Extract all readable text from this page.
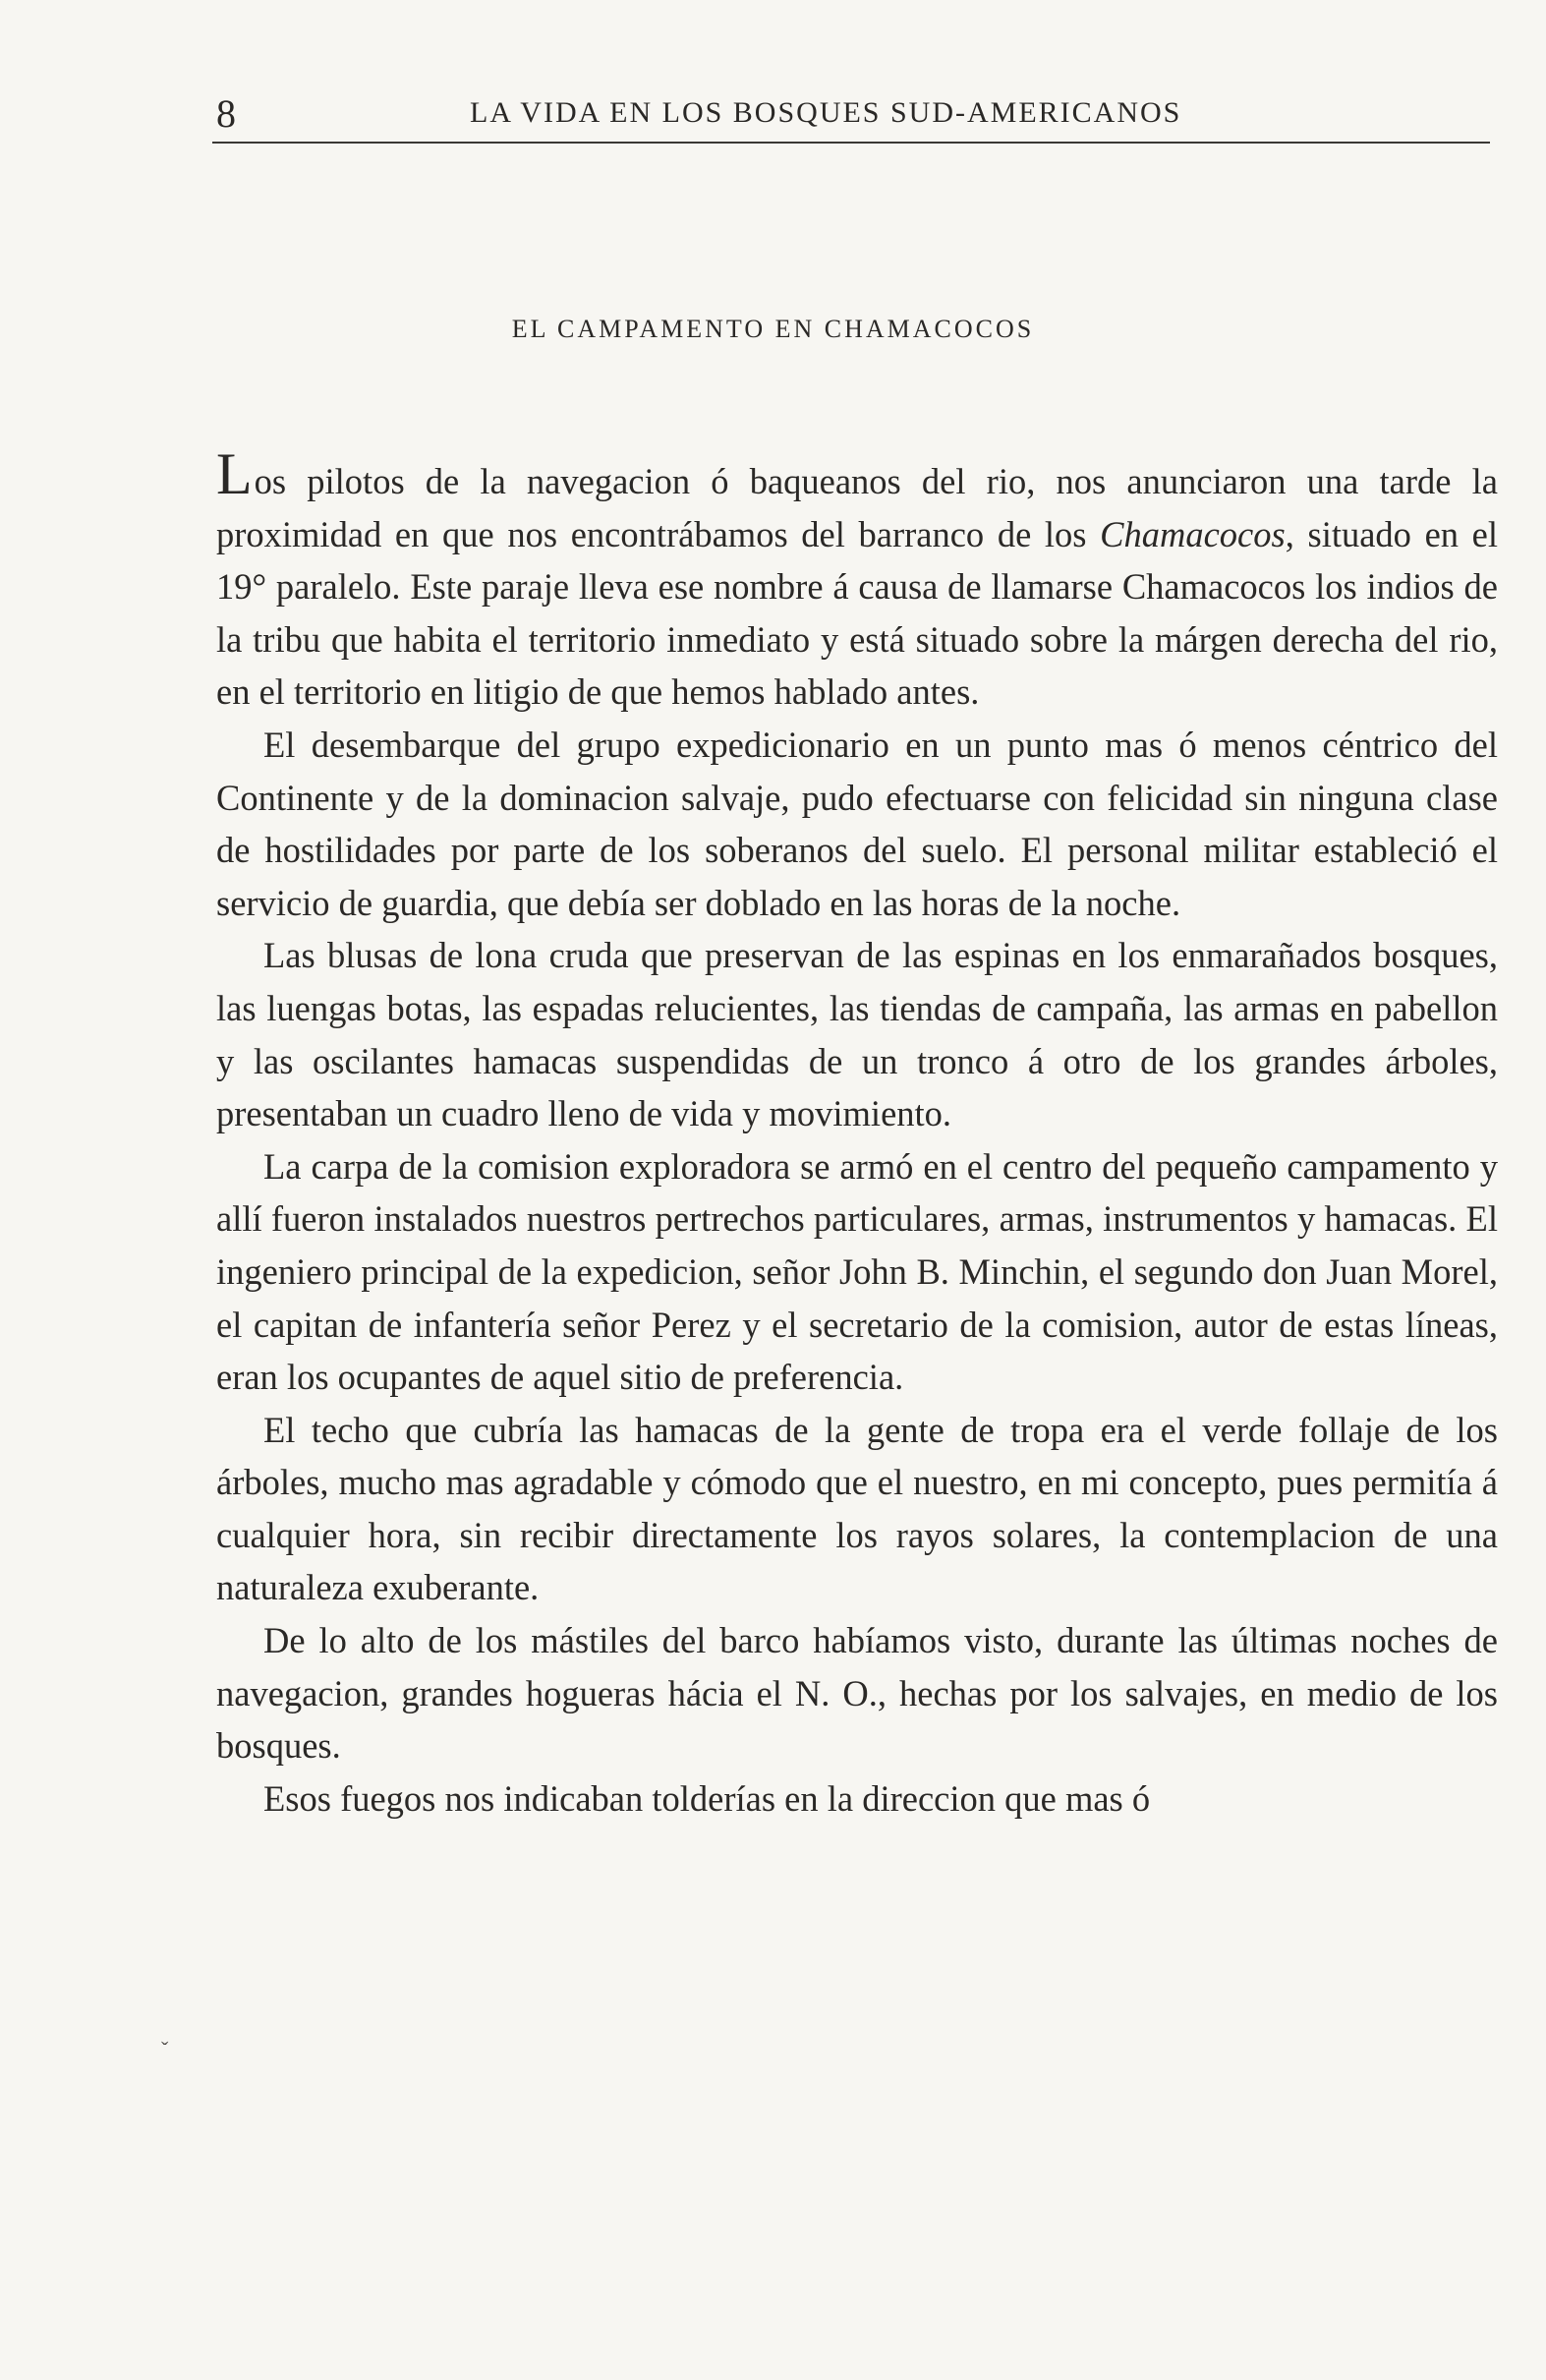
8	LA VIDA EN LOS BOSQUES SUD-AMERICANOS
EL CAMPAMENTO EN CHAMACOCOS

Los pilotos de la navegacion ó baqueanos del rio, nos anunciaron una tarde la proximidad en que nos encontrábamos del barranco de los Chamacocos, situado en el 19° paralelo. Este paraje lleva ese nombre á causa de llamarse Chamacocos los indios de la tribu que habita el territorio inmediato y está situado sobre la márgen derecha del rio, en el territorio en litigio de que hemos hablado antes.

El desembarque del grupo expedicionario en un punto mas ó menos céntrico del Continente y de la dominacion salvaje, pudo efectuarse con felicidad sin ninguna clase de hostilidades por parte de los soberanos del suelo. El personal militar estableció el servicio de guardia, que debía ser doblado en las horas de la noche.

Las blusas de lona cruda que preservan de las espinas en los enmarañados bosques, las luengas botas, las espadas relucientes, las tiendas de campaña, las armas en pabellon y las oscilantes hamacas suspendidas de un tronco á otro de los grandes árboles, presentaban un cuadro lleno de vida y movimiento.

La carpa de la comision exploradora se armó en el centro del pequeño campamento y allí fueron instalados nuestros pertrechos particulares, armas, instrumentos y hamacas. El ingeniero principal de la expedicion, señor John B. Minchin, el segundo don Juan Morel, el capitan de infantería señor Perez y el secretario de la comision, autor de estas líneas, eran los ocupantes de aquel sitio de preferencia.

El techo que cubría las hamacas de la gente de tropa era el verde follaje de los árboles, mucho mas agradable y cómodo que el nuestro, en mi concepto, pues permitía á cualquier hora, sin recibir directamente los rayos solares, la contemplacion de una naturaleza exuberante.

De lo alto de los mástiles del barco habíamos visto, durante las últimas noches de navegacion, grandes hogueras hácia el N. O., hechas por los salvajes, en medio de los bosques.

Esos fuegos nos indicaban tolderías en la direccion que mas ó

ˇ
